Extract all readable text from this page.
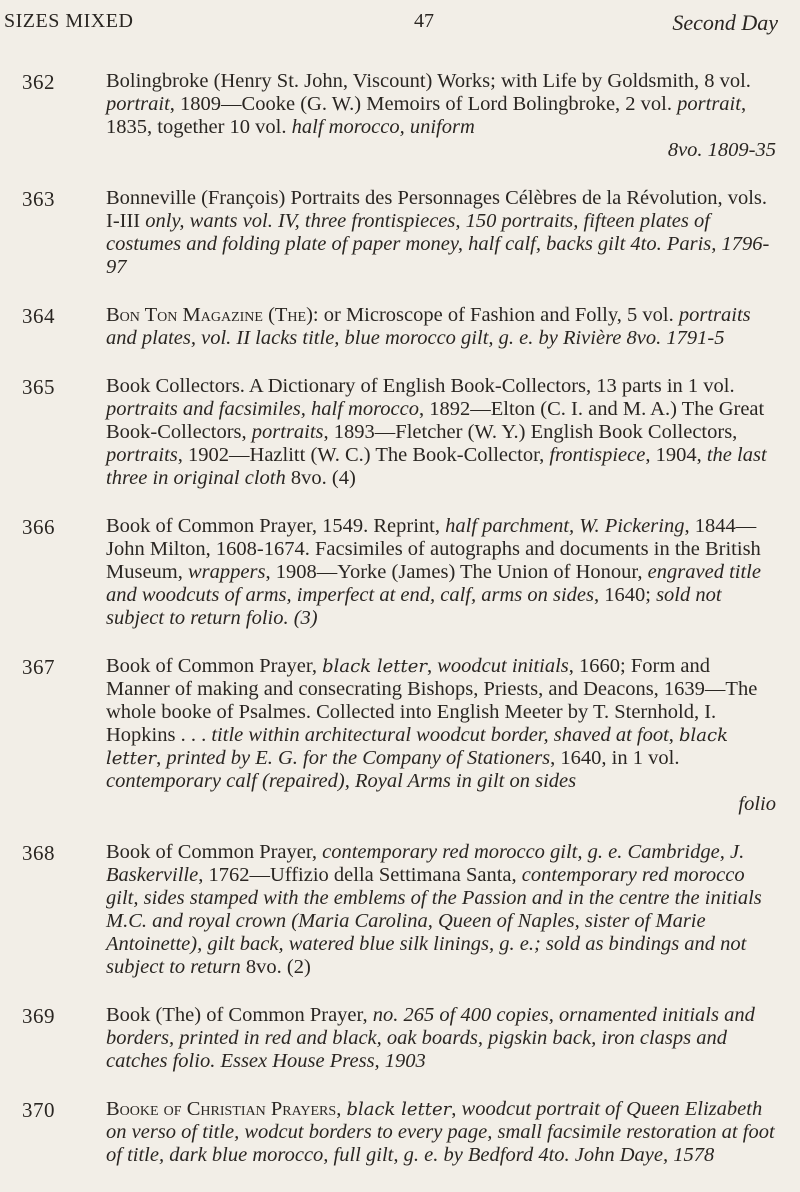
SIZES MIXED	47	Second Day
362 Bolingbroke (Henry St. John, Viscount) Works; with Life by Goldsmith, 8 vol. portrait, 1809—Cooke (G. W.) Memoirs of Lord Bolingbroke, 2 vol. portrait, 1835, together 10 vol. half morocco, uniform
8vo. 1809-35
363 Bonneville (François) Portraits des Personnages Célèbres de la Révolution, vols. I-III only, wants vol. IV, three frontispieces, 150 portraits, fifteen plates of costumes and folding plate of paper money, half calf, backs gilt 4to. Paris, 1796-97
364 Bon Ton Magazine (The): or Microscope of Fashion and Folly, 5 vol. portraits and plates, vol. II lacks title, blue morocco gilt, g. e. by Rivière 8vo. 1791-5
365 Book Collectors. A Dictionary of English Book-Collectors, 13 parts in 1 vol. portraits and facsimiles, half morocco, 1892—Elton (C. I. and M. A.) The Great Book-Collectors, portraits, 1893—Fletcher (W. Y.) English Book Collectors, portraits, 1902—Hazlitt (W. C.) The Book-Collector, frontispiece, 1904, the last three in original cloth 8vo. (4)
366 Book of Common Prayer, 1549. Reprint, half parchment, W. Pickering, 1844—John Milton, 1608-1674. Facsimiles of autographs and documents in the British Museum, wrappers, 1908—Yorke (James) The Union of Honour, engraved title and woodcuts of arms, imperfect at end, calf, arms on sides, 1640; sold not subject to return folio. (3)
367 Book of Common Prayer, black letter, woodcut initials, 1660; Form and Manner of making and consecrating Bishops, Priests, and Deacons, 1639—The whole booke of Psalmes. Collected into English Meeter by T. Sternhold, I. Hopkins . . . title within architectural woodcut border, shaved at foot, black letter, printed by E. G. for the Company of Stationers, 1640, in 1 vol. contemporary calf (repaired), Royal Arms in gilt on sides
folio
368 Book of Common Prayer, contemporary red morocco gilt, g. e. Cambridge, J. Baskerville, 1762—Uffizio della Settimana Santa, contemporary red morocco gilt, sides stamped with the emblems of the Passion and in the centre the initials M.C. and royal crown (Maria Carolina, Queen of Naples, sister of Marie Antoinette), gilt back, watered blue silk linings, g. e.; sold as bindings and not subject to return 8vo. (2)
369 Book (The) of Common Prayer, no. 265 of 400 copies, ornamented initials and borders, printed in red and black, oak boards, pigskin back, iron clasps and catches folio. Essex House Press, 1903
370 Booke of Christian Prayers, black letter, woodcut portrait of Queen Elizabeth on verso of title, wodcut borders to every page, small facsimile restoration at foot of title, dark blue morocco, full gilt, g. e. by Bedford 4to. John Daye, 1578
